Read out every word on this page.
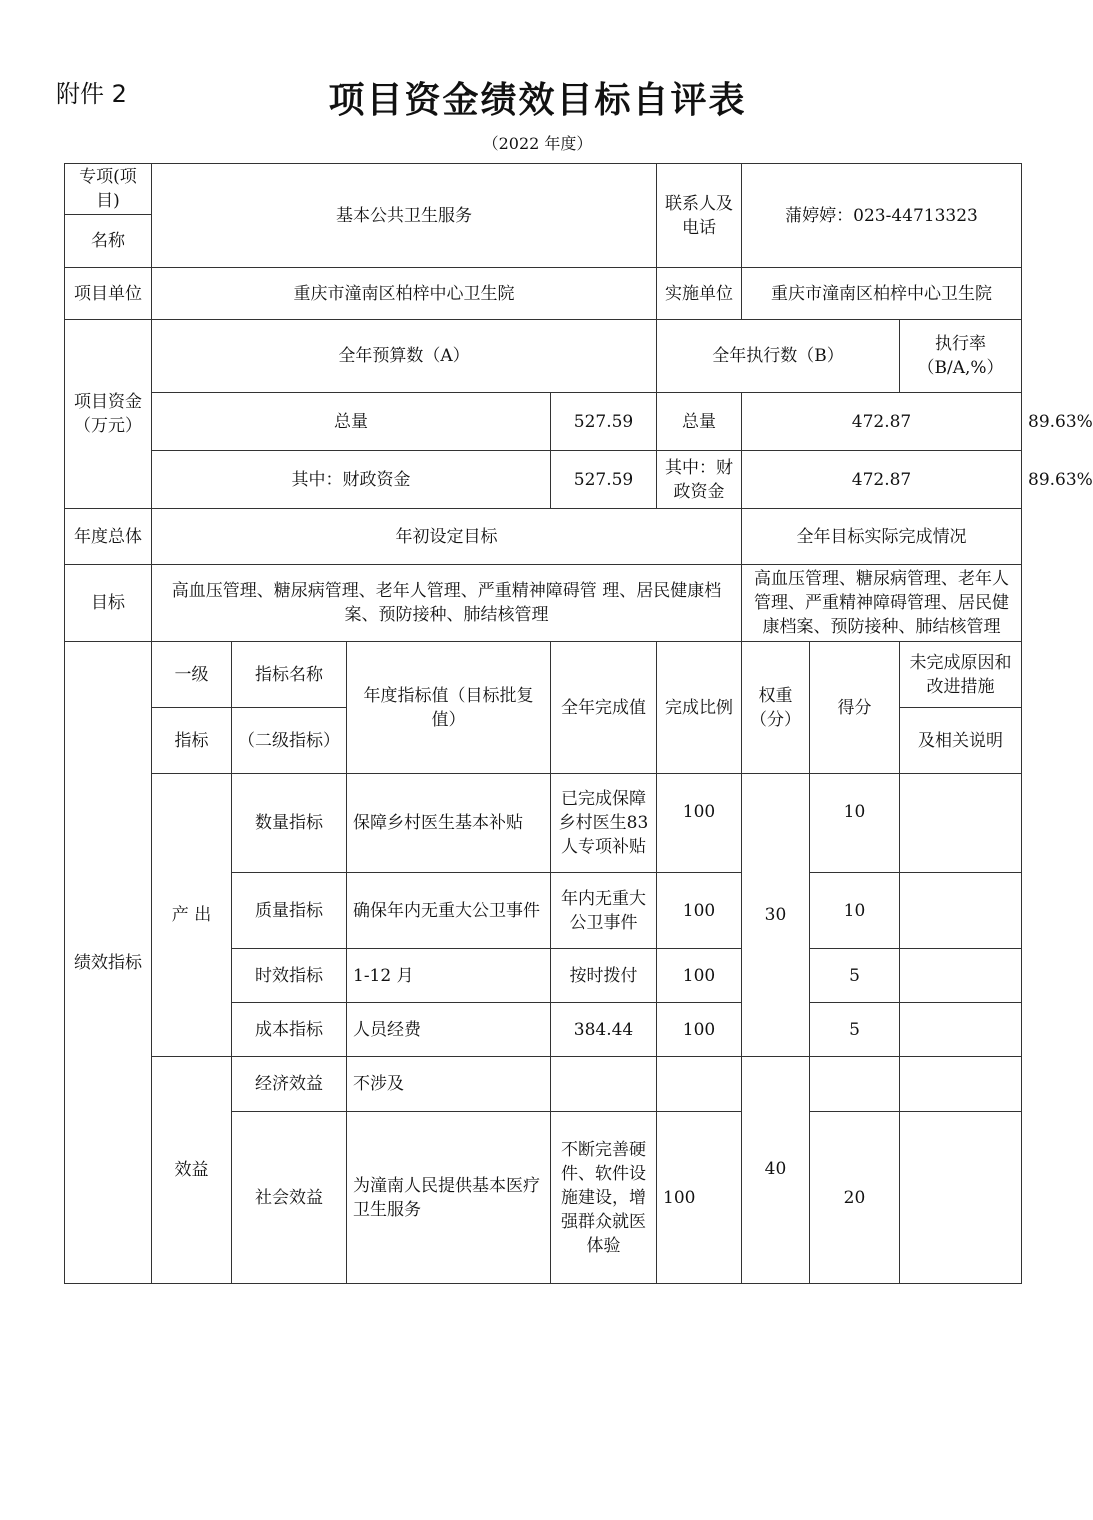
附件 2	项目资金绩效目标自评表
（2022 年度）
专项(项目)	基本公共卫生服务				联系人及电话	蒲婷婷：023-44713323			
名称									
项目单位	重庆市潼南区柏梓中心卫生院				实施单位	重庆市潼南区柏梓中心卫生院			
项目资金（万元）	全年预算数（A）				全年执行数（B）			执行率（B/A,%）	
	总量			527.59	总量	472.87			89.63%
	其中：财政资金			527.59	其中：财政资金	472.87			89.63%
年度总体	年初设定目标					全年目标实际完成情况			
目标	高血压管理、糖尿病管理、老年人管理、严重精神障碍管 理、居民健康档案、预防接种、肺结核管理					高血压管理、糖尿病管理、老年人管理、严重精神障碍管理、居民健康档案、预防接种、肺结核管理			
绩效指标	一级	指标名称	年度指标值（目标批复值）	全年完成值	完成比例	权重（分）	得分	未完成原因和改进措施	
	指标	（二级指标）						及相关说明	
	产 出	数量指标	保障乡村医生基本补贴	已完成保障乡村医生83 人专项补贴	100	30	10		
		质量指标	确保年内无重大公卫事件	年内无重大公卫事件	100		10		
		时效指标	1-12 月	按时拨付	100		5		
		成本指标	人员经费	384.44	100		5		
	效益	经济效益	不涉及			40			
		社会效益	为潼南人民提供基本医疗卫生服务	不断完善硬件、软件设施建设，增强群众就医体验	100		20		
